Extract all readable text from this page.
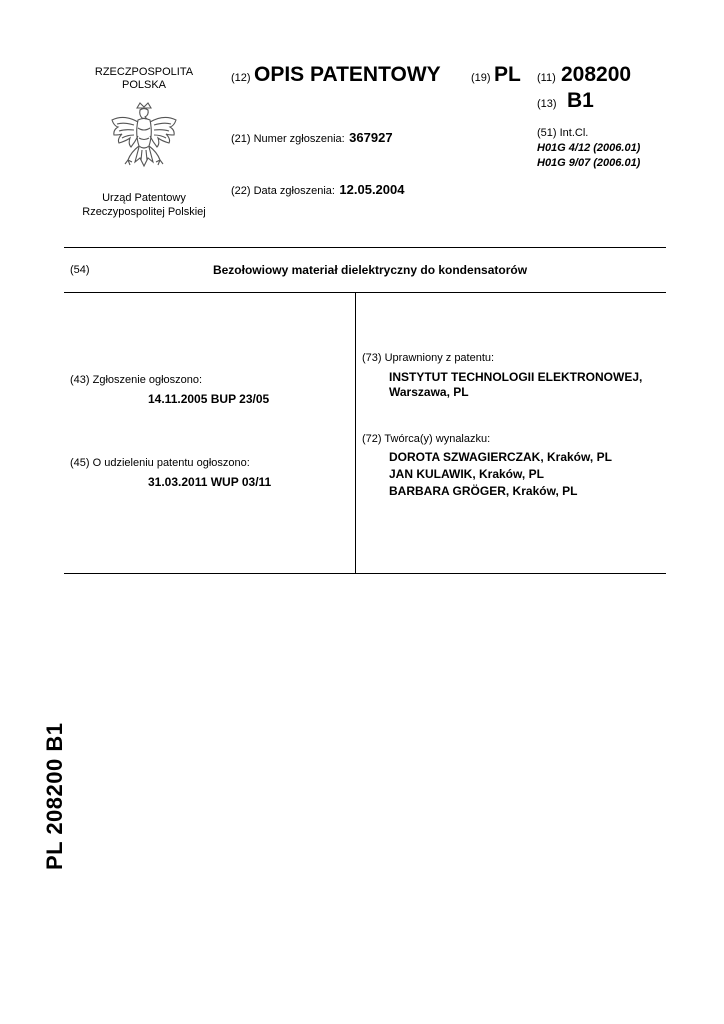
RZECZPOSPOLITA
POLSKA
Urząd Patentowy
Rzeczypospolitej Polskiej
(12) OPIS PATENTOWY	(19) PL (11) 208200
(13) B1
(21) Numer zgłoszenia: 367927
(22) Data zgłoszenia: 12.05.2004
(51) Int.Cl.
H01G 4/12 (2006.01)
H01G 9/07 (2006.01)
(54)	Bezołowiowy materiał dielektryczny do kondensatorów
(43) Zgłoszenie ogłoszono:
14.11.2005 BUP 23/05
(45) O udzieleniu patentu ogłoszono:
31.03.2011 WUP 03/11
(73) Uprawniony z patentu:
INSTYTUT TECHNOLOGII ELEKTRONOWEJ,
Warszawa, PL
(72) Twórca(y) wynalazku:
DOROTA SZWAGIERCZAK, Kraków, PL
JAN KULAWIK, Kraków, PL
BARBARA GRÖGER, Kraków, PL
PL 208200 B1
